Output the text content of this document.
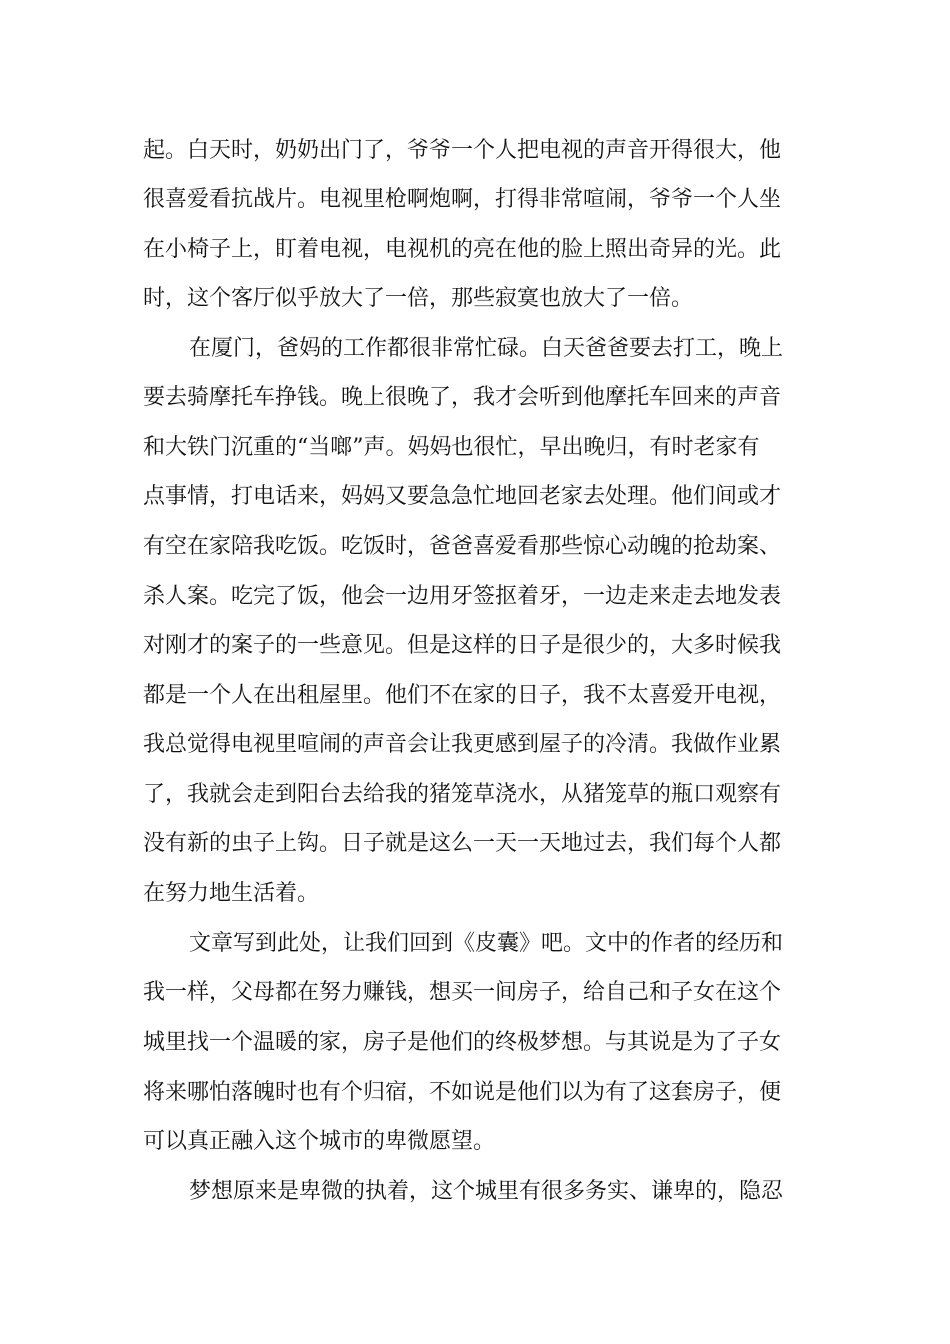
起。白天时，奶奶出门了，爷爷一个人把电视的声音开得很大，他
很喜爱看抗战片。电视里枪啊炮啊，打得非常喧闹，爷爷一个人坐
在小椅子上，盯着电视，电视机的亮在他的脸上照出奇异的光。此
时，这个客厅似乎放大了一倍，那些寂寞也放大了一倍。
在厦门，爸妈的工作都很非常忙碌。白天爸爸要去打工，晚上
要去骑摩托车挣钱。晚上很晚了，我才会听到他摩托车回来的声音
和大铁门沉重的“当啷”声。妈妈也很忙，早出晚归，有时老家有
点事情，打电话来，妈妈又要急急忙地回老家去处理。他们间或才
有空在家陪我吃饭。吃饭时，爸爸喜爱看那些惊心动魄的抢劫案、
杀人案。吃完了饭，他会一边用牙签抠着牙，一边走来走去地发表
对刚才的案子的一些意见。但是这样的日子是很少的，大多时候我
都是一个人在出租屋里。他们不在家的日子，我不太喜爱开电视，
我总觉得电视里喧闹的声音会让我更感到屋子的冷清。我做作业累
了，我就会走到阳台去给我的猪笼草浇水，从猪笼草的瓶口观察有
没有新的虫子上钩。日子就是这么一天一天地过去，我们每个人都
在努力地生活着。
文章写到此处，让我们回到《皮囊》吧。文中的作者的经历和
我一样，父母都在努力赚钱，想买一间房子，给自己和子女在这个
城里找一个温暖的家，房子是他们的终极梦想。与其说是为了子女
将来哪怕落魄时也有个归宿，不如说是他们以为有了这套房子，便
可以真正融入这个城市的卑微愿望。
梦想原来是卑微的执着，这个城里有很多务实、谦卑的，隐忍
